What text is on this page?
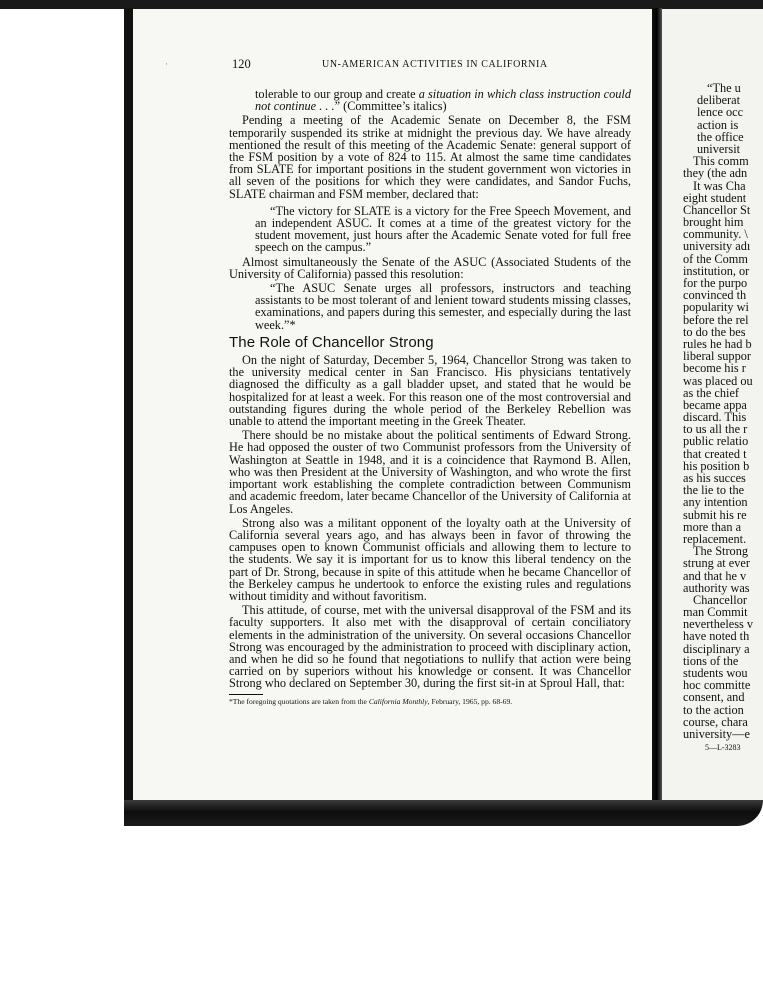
·	120	UN-AMERICAN ACTIVITIES IN CALIFORNIA

tolerable to our group and create a situation in which class instruction could not continue . . .” (Committee’s italics)

Pending a meeting of the Academic Senate on December 8, the FSM temporarily suspended its strike at midnight the previous day. We have already mentioned the result of this meeting of the Academic Senate: general support of the FSM position by a vote of 824 to 115. At almost the same time candidates from SLATE for important positions in the student government won victories in all seven of the positions for which they were candidates, and Sandor Fuchs, SLATE chairman and FSM member, declared that:

“The victory for SLATE is a victory for the Free Speech Movement, and an independent ASUC. It comes at a time of the greatest victory for the student movement, just hours after the Academic Senate voted for full free speech on the campus.”

Almost simultaneously the Senate of the ASUC (Associated Students of the University of California) passed this resolution:

“The ASUC Senate urges all professors, instructors and teaching assistants to be most tolerant of and lenient toward students missing classes, examinations, and papers during this semester, and especially during the last week.”*

The Role of Chancellor Strong

On the night of Saturday, December 5, 1964, Chancellor Strong was taken to the university medical center in San Francisco. His physicians tentatively diagnosed the difficulty as a gall bladder upset, and stated that he would be hospitalized for at least a week. For this reason one of the most controversial and outstanding figures during the whole period of the Berkeley Rebellion was unable to attend the important meeting in the Greek Theater.

There should be no mistake about the political sentiments of Edward Strong. He had opposed the ouster of two Communist professors from the University of Washington at Seattle in 1948, and it is a coincidence that Raymond B. Allen, who was then President at the University of Washington, and who wrote the first important work establishing the complete contradiction between Communism and academic freedom, later became Chancellor of the University of California at Los Angeles.

Strong also was a militant opponent of the loyalty oath at the University of California several years ago, and has always been in favor of throwing the campuses open to known Communist officials and allowing them to lecture to the students. We say it is important for us to know this liberal tendency on the part of Dr. Strong, because in spite of this attitude when he became Chancellor of the Berkeley campus he undertook to enforce the existing rules and regulations without timidity and without favoritism.

This attitude, of course, met with the universal disapproval of the FSM and its faculty supporters. It also met with the disapproval of certain conciliatory elements in the administration of the university. On several occasions Chancellor Strong was encouraged by the administration to proceed with disciplinary action, and when he did so he found that negotiations to nullify that action were being carried on by superiors without his knowledge or consent. It was Chancellor Strong who declared on September 30, during the first sit-in at Sproul Hall, that:

*The foregoing quotations are taken from the California Monthly, February, 1965, pp. 68-69.

“The u
deliberat
lence occ
action is
the office
universit
This comm
they (the adn
It was Cha
eight student
Chancellor St
brought him
community. \
university adı
of the Comm
institution, or
for the purpo
convinced th
popularity wi
before the rel
to do the bes
rules he had b
liberal suppor
become his r
was placed ou
as the chief
became appa
discard. This
to us all the r
public relatio
that created t
his position b
as his succes
the lie to the
any intention
submit his re
more than a
replacement.
The Strong
strung at ever
and that he v
authority was
Chancellor
man Commit
nevertheless v
have noted th
disciplinary a
tions of the
students wou
hoc committe
consent, and
to the action
course, chara
university—e
5—L-3283
